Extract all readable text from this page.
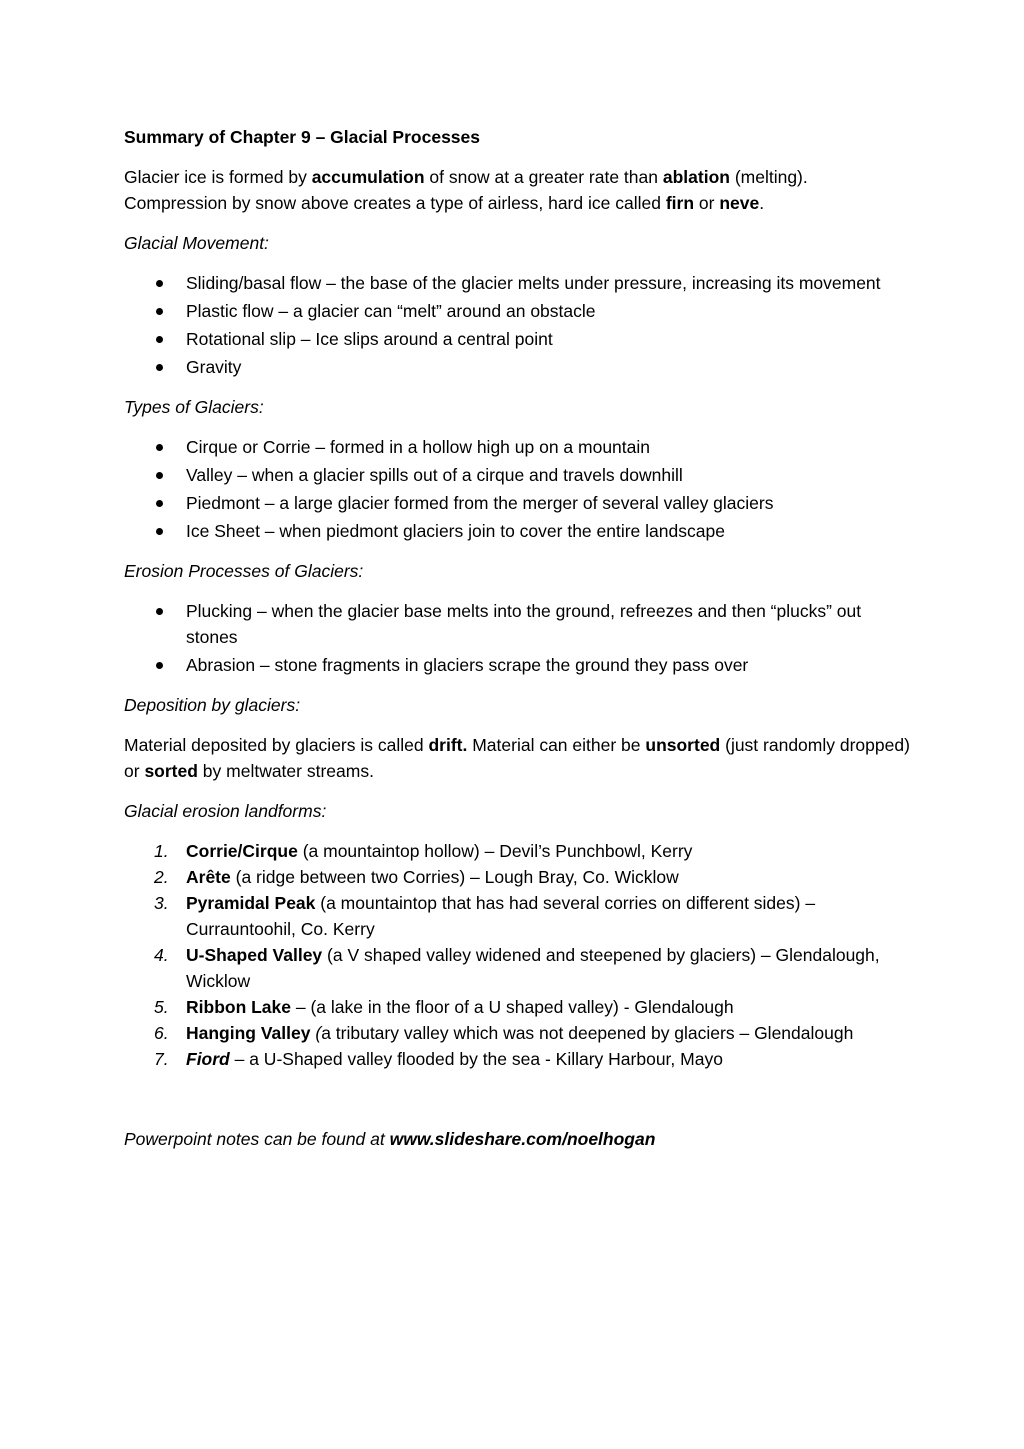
Summary of Chapter 9 – Glacial Processes

Glacier ice is formed by accumulation of snow at a greater rate than ablation (melting). Compression by snow above creates a type of airless, hard ice called firn or neve.

Glacial Movement:
Sliding/basal flow – the base of the glacier melts under pressure, increasing its movement
Plastic flow – a glacier can “melt” around an obstacle
Rotational slip – Ice slips around a central point
Gravity
Types of Glaciers:
Cirque or Corrie – formed in a hollow high up on a mountain
Valley – when a glacier spills out of a cirque and travels downhill
Piedmont – a large glacier formed from the merger of several valley glaciers
Ice Sheet – when piedmont glaciers join to cover the entire landscape
Erosion Processes of Glaciers:
Plucking – when the glacier base melts into the ground, refreezes and then “plucks” out stones
Abrasion – stone fragments in glaciers scrape the ground they pass over
Deposition by glaciers:

Material deposited by glaciers is called drift. Material can either be unsorted (just randomly dropped) or sorted by meltwater streams.

Glacial erosion landforms:
1. Corrie/Cirque (a mountaintop hollow) – Devil’s Punchbowl, Kerry
2. Arête (a ridge between two Corries) – Lough Bray, Co. Wicklow
3. Pyramidal Peak (a mountaintop that has had several corries on different sides) – Currauntoohil, Co. Kerry
4. U-Shaped Valley (a V shaped valley widened and steepened by glaciers) – Glendalough, Wicklow
5. Ribbon Lake – (a lake in the floor of a U shaped valley) - Glendalough
6. Hanging Valley (a tributary valley which was not deepened by glaciers – Glendalough
7. Fiord – a U-Shaped valley flooded by the sea - Killary Harbour, Mayo
Powerpoint notes can be found at www.slideshare.com/noelhogan
